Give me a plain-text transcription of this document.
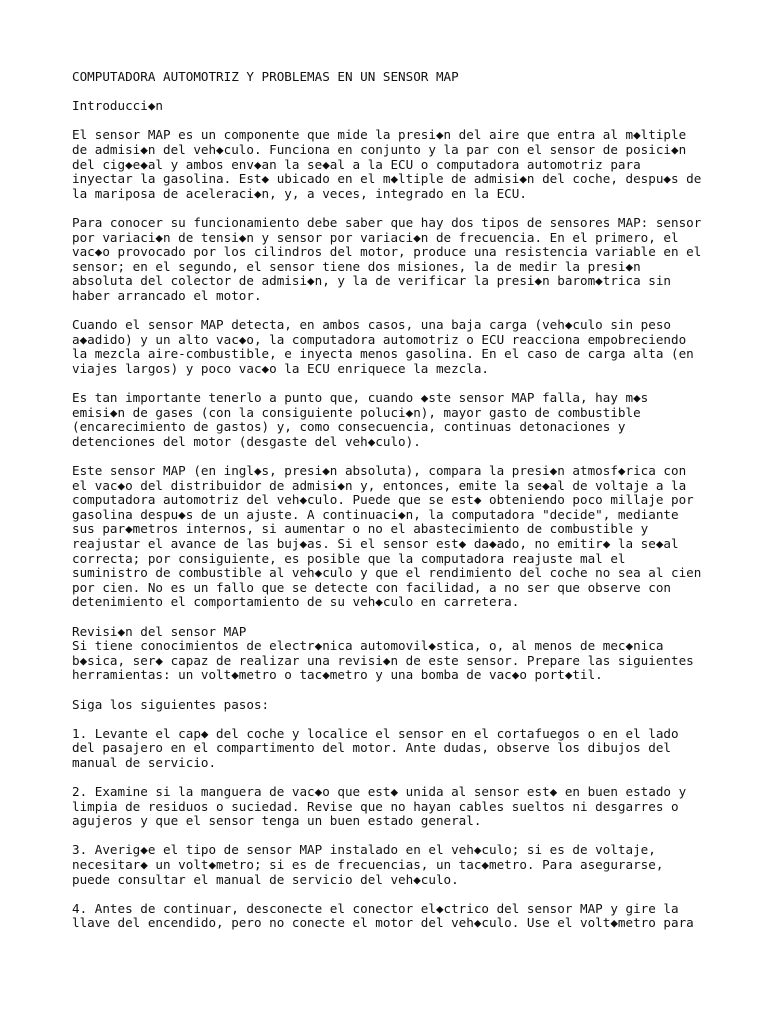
COMPUTADORA AUTOMOTRIZ Y PROBLEMAS EN UN SENSOR MAP

Introducci◆n

El sensor MAP es un componente que mide la presi◆n del aire que entra al m◆ltiple
de admisi◆n del veh◆culo. Funciona en conjunto y la par con el sensor de posici◆n
del cig◆e◆al y ambos env◆an la se◆al a la ECU o computadora automotriz para
inyectar la gasolina. Est◆ ubicado en el m◆ltiple de admisi◆n del coche, despu◆s de
la mariposa de aceleraci◆n, y, a veces, integrado en la ECU.

Para conocer su funcionamiento debe saber que hay dos tipos de sensores MAP: sensor
por variaci◆n de tensi◆n y sensor por variaci◆n de frecuencia. En el primero, el
vac◆o provocado por los cilindros del motor, produce una resistencia variable en el
sensor; en el segundo, el sensor tiene dos misiones, la de medir la presi◆n
absoluta del colector de admisi◆n, y la de verificar la presi◆n barom◆trica sin
haber arrancado el motor.

Cuando el sensor MAP detecta, en ambos casos, una baja carga (veh◆culo sin peso
a◆adido) y un alto vac◆o, la computadora automotriz o ECU reacciona empobreciendo
la mezcla aire-combustible, e inyecta menos gasolina. En el caso de carga alta (en
viajes largos) y poco vac◆o la ECU enriquece la mezcla.

Es tan importante tenerlo a punto que, cuando ◆ste sensor MAP falla, hay m◆s
emisi◆n de gases (con la consiguiente poluci◆n), mayor gasto de combustible
(encarecimiento de gastos) y, como consecuencia, continuas detonaciones y
detenciones del motor (desgaste del veh◆culo).

Este sensor MAP (en ingl◆s, presi◆n absoluta), compara la presi◆n atmosf◆rica con
el vac◆o del distribuidor de admisi◆n y, entonces, emite la se◆al de voltaje a la
computadora automotriz del veh◆culo. Puede que se est◆ obteniendo poco millaje por
gasolina despu◆s de un ajuste. A continuaci◆n, la computadora "decide", mediante
sus par◆metros internos, si aumentar o no el abastecimiento de combustible y
reajustar el avance de las buj◆as. Si el sensor est◆ da◆ado, no emitir◆ la se◆al
correcta; por consiguiente, es posible que la computadora reajuste mal el
suministro de combustible al veh◆culo y que el rendimiento del coche no sea al cien
por cien. No es un fallo que se detecte con facilidad, a no ser que observe con
detenimiento el comportamiento de su veh◆culo en carretera.

Revisi◆n del sensor MAP
Si tiene conocimientos de electr◆nica automovil◆stica, o, al menos de mec◆nica
b◆sica, ser◆ capaz de realizar una revisi◆n de este sensor. Prepare las siguientes
herramientas: un volt◆metro o tac◆metro y una bomba de vac◆o port◆til.

Siga los siguientes pasos:

1. Levante el cap◆ del coche y localice el sensor en el cortafuegos o en el lado
del pasajero en el compartimento del motor. Ante dudas, observe los dibujos del
manual de servicio.

2. Examine si la manguera de vac◆o que est◆ unida al sensor est◆ en buen estado y
limpia de residuos o suciedad. Revise que no hayan cables sueltos ni desgarres o
agujeros y que el sensor tenga un buen estado general.

3. Averig◆e el tipo de sensor MAP instalado en el veh◆culo; si es de voltaje,
necesitar◆ un volt◆metro; si es de frecuencias, un tac◆metro. Para asegurarse,
puede consultar el manual de servicio del veh◆culo.

4. Antes de continuar, desconecte el conector el◆ctrico del sensor MAP y gire la
llave del encendido, pero no conecte el motor del veh◆culo. Use el volt◆metro para
